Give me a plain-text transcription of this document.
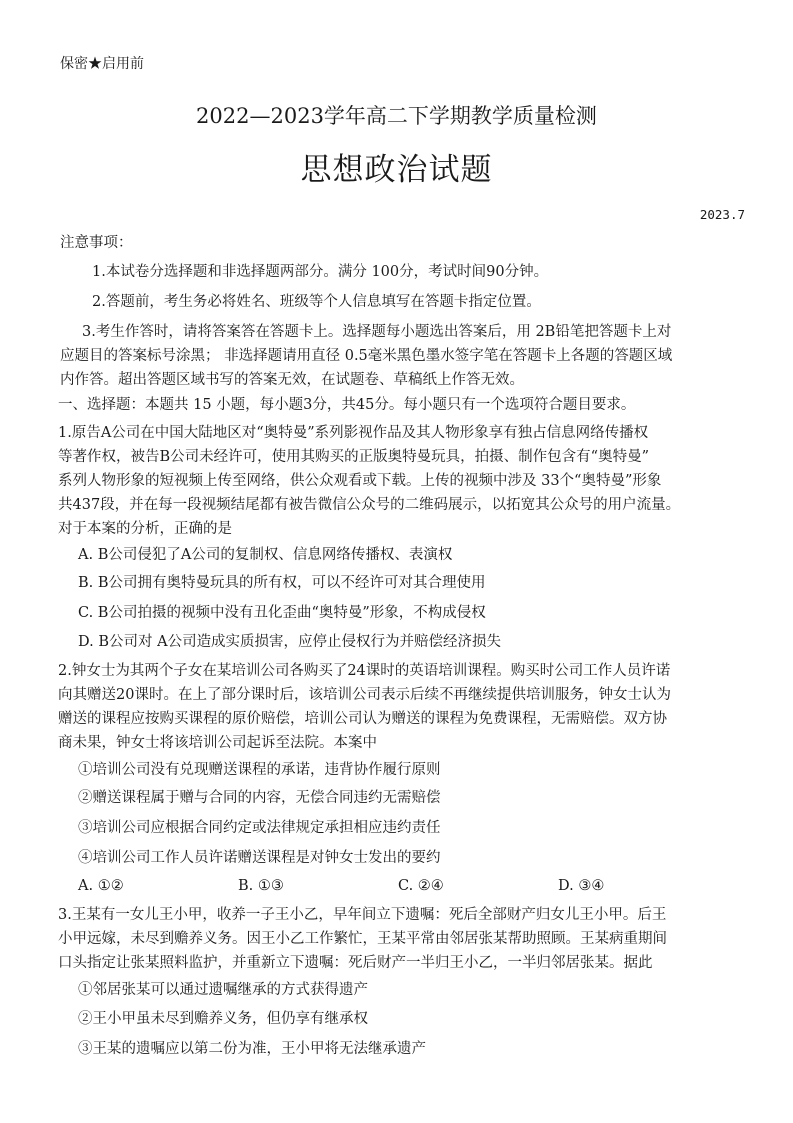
保密★启用前
2022—2023学年高二下学期教学质量检测
思想政治试题
2023.7
注意事项：
1.本试卷分选择题和非选择题两部分。满分 100分，考试时间90分钟。
2.答题前，考生务必将姓名、班级等个人信息填写在答题卡指定位置。
3.考生作答时，请将答案答在答题卡上。选择题每小题选出答案后，用 2B铅笔把答题卡上对
应题目的答案标号涂黑； 非选择题请用直径 0.5毫米黑色墨水签字笔在答题卡上各题的答题区域
内作答。超出答题区域书写的答案无效，在试题卷、草稿纸上作答无效。
一、选择题：本题共 15 小题，每小题3分，共45分。每小题只有一个选项符合题目要求。
1.原告A公司在中国大陆地区对“奥特曼”系列影视作品及其人物形象享有独占信息网络传播权
等著作权，被告B公司未经许可，使用其购买的正版奥特曼玩具，拍摄、制作包含有“奥特曼”
系列人物形象的短视频上传至网络，供公众观看或下载。上传的视频中涉及 33个“奥特曼”形象
共437段，并在每一段视频结尾都有被告微信公众号的二维码展示，以拓宽其公众号的用户流量。
对于本案的分析，正确的是
A. B公司侵犯了A公司的复制权、信息网络传播权、表演权
B. B公司拥有奥特曼玩具的所有权，可以不经许可对其合理使用
C. B公司拍摄的视频中没有丑化歪曲“奥特曼”形象，不构成侵权
D. B公司对 A公司造成实质损害，应停止侵权行为并赔偿经济损失
2.钟女士为其两个子女在某培训公司各购买了24课时的英语培训课程。购买时公司工作人员许诺
向其赠送20课时。在上了部分课时后，该培训公司表示后续不再继续提供培训服务，钟女士认为
赠送的课程应按购买课程的原价赔偿，培训公司认为赠送的课程为免费课程，无需赔偿。双方协
商未果，钟女士将该培训公司起诉至法院。本案中
①培训公司没有兑现赠送课程的承诺，违背协作履行原则
②赠送课程属于赠与合同的内容，无偿合同违约无需赔偿
③培训公司应根据合同约定或法律规定承担相应违约责任
④培训公司工作人员许诺赠送课程是对钟女士发出的要约
A. ①②	B. ①③	C. ②④	D. ③④
3.王某有一女儿王小甲，收养一子王小乙，早年间立下遗嘱：死后全部财产归女儿王小甲。后王
小甲远嫁，未尽到赡养义务。因王小乙工作繁忙，王某平常由邻居张某帮助照顾。王某病重期间
口头指定让张某照料监护，并重新立下遗嘱：死后财产一半归王小乙，一半归邻居张某。据此
①邻居张某可以通过遗嘱继承的方式获得遗产
②王小甲虽未尽到赡养义务，但仍享有继承权
③王某的遗嘱应以第二份为准，王小甲将无法继承遗产
